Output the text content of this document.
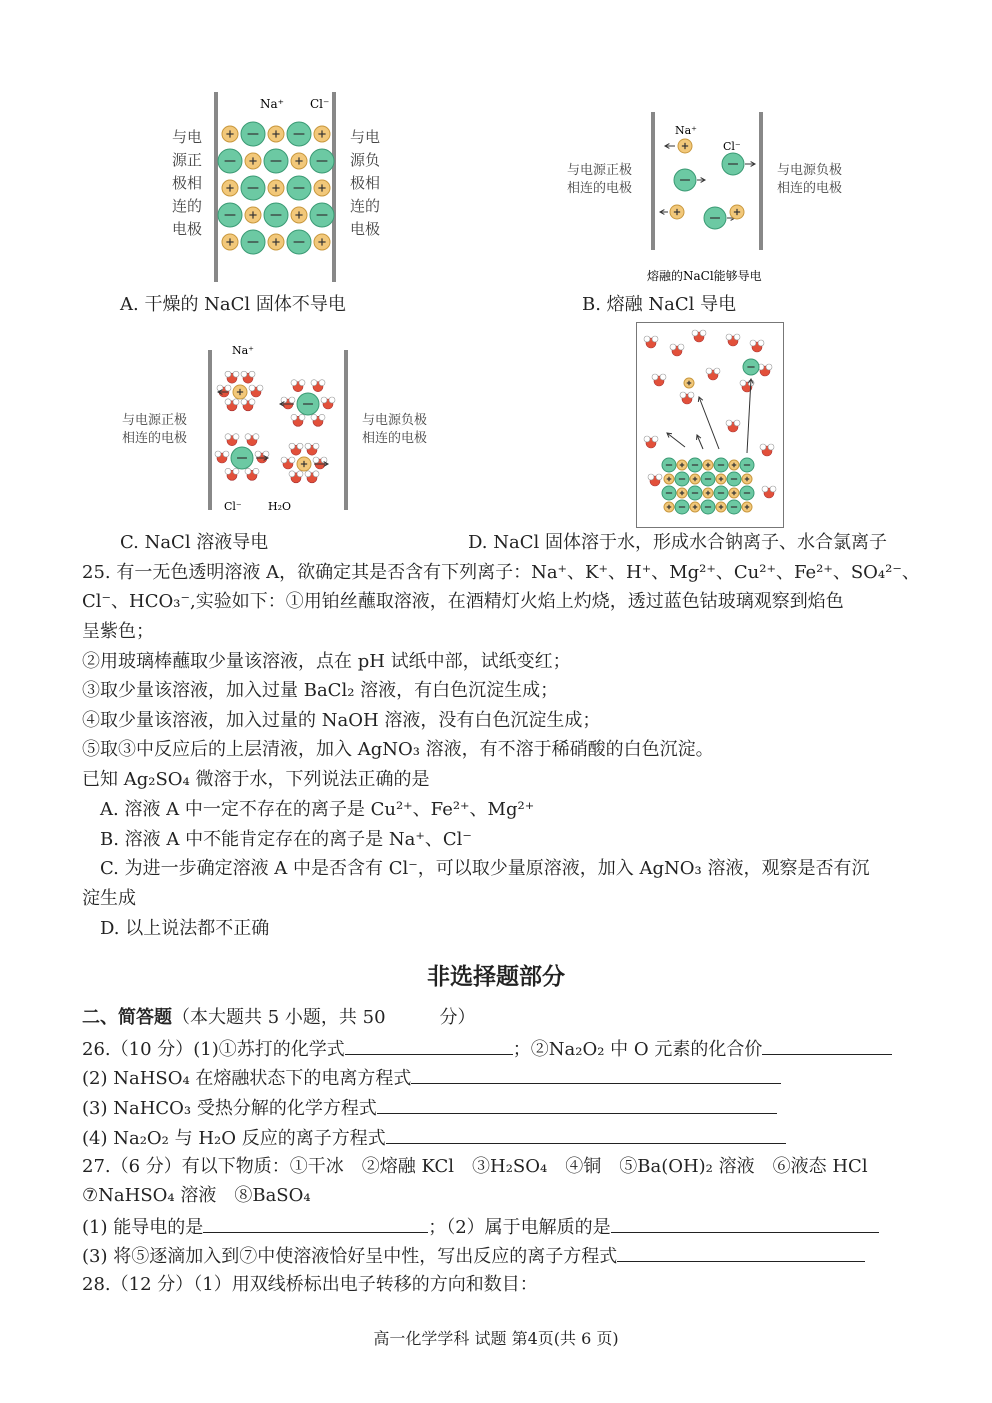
Na⁺ Cl⁻
与电源正极相连的电极
与电源负极相连的电极
A. 干燥的 NaCl 固体不导电
Na⁺
Cl⁻
熔融的NaCl能够导电
与电源正极
相连的电极
与电源负极
相连的电极
B. 熔融 NaCl 导电
Na⁺
Cl⁻ H₂O
与电源正极
相连的电极
与电源负极
相连的电极
C. NaCl 溶液导电	D. NaCl 固体溶于水，形成水合钠离子、水合氯离子
25. 有一无色透明溶液 A，欲确定其是否含有下列离子：Na⁺、K⁺、H⁺、Mg²⁺、Cu²⁺、Fe²⁺、SO₄²⁻、
Cl⁻、HCO₃⁻,实验如下：①用铂丝蘸取溶液，在酒精灯火焰上灼烧，透过蓝色钴玻璃观察到焰色
呈紫色；
②用玻璃棒蘸取少量该溶液，点在 pH 试纸中部，试纸变红；
③取少量该溶液，加入过量 BaCl₂ 溶液，有白色沉淀生成；
④取少量该溶液，加入过量的 NaOH 溶液，没有白色沉淀生成；
⑤取③中反应后的上层清液，加入 AgNO₃ 溶液，有不溶于稀硝酸的白色沉淀。
已知 Ag₂SO₄ 微溶于水，下列说法正确的是
A. 溶液 A 中一定不存在的离子是 Cu²⁺、Fe²⁺、Mg²⁺
B. 溶液 A 中不能肯定存在的离子是 Na⁺、Cl⁻
C. 为进一步确定溶液 A 中是否含有 Cl⁻，可以取少量原溶液，加入 AgNO₃ 溶液，观察是否有沉
淀生成
D. 以上说法都不正确
非选择题部分
二、简答题（本大题共 5 小题，共 50　　　分）
26.（10 分）(1)①苏打的化学式	；②Na₂O₂ 中 O 元素的化合价
(2) NaHSO₄ 在熔融状态下的电离方程式
(3) NaHCO₃ 受热分解的化学方程式
(4) Na₂O₂ 与 H₂O 反应的离子方程式
27.（6 分）有以下物质：①干冰　②熔融 KCl　③H₂SO₄　④铜　⑤Ba(OH)₂ 溶液　⑥液态 HCl
⑦NaHSO₄ 溶液　⑧BaSO₄
(1) 能导电的是	；（2）属于电解质的是
(3) 将⑤逐滴加入到⑦中使溶液恰好呈中性，写出反应的离子方程式
28.（12 分）（1）用双线桥标出电子转移的方向和数目：
高一化学学科 试题 第4页(共 6 页)
